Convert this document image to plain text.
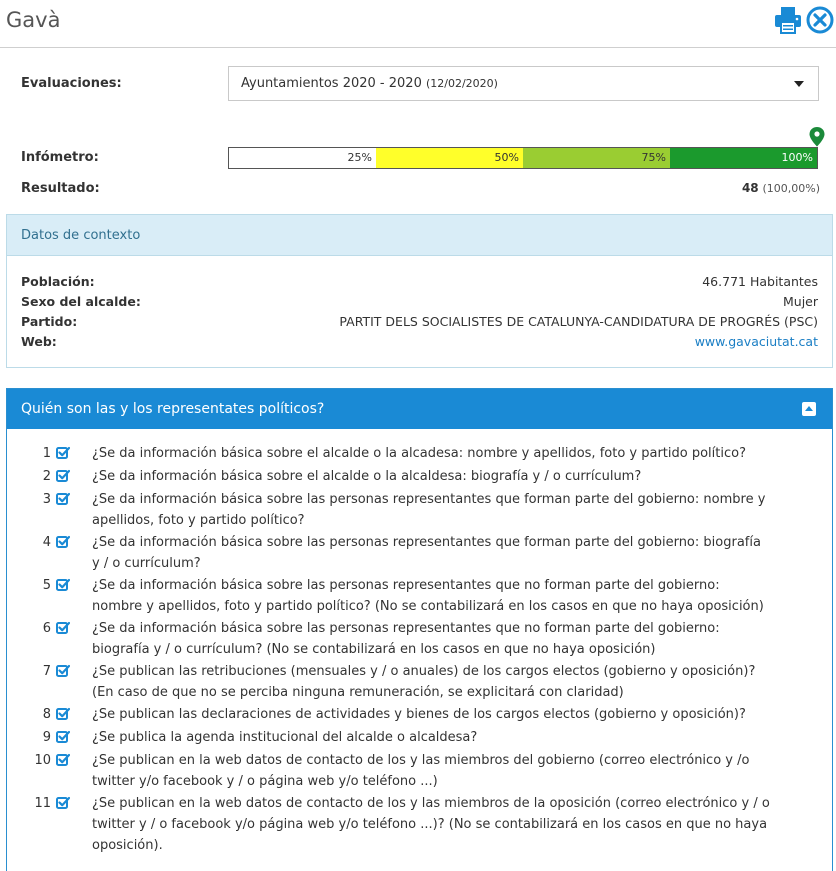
Gavà
Evaluaciones:	Ayuntamientos 2020 - 2020 (12/02/2020)
Infómetro:	25%	50%	75%	100%
Resultado:	48 (100,00%)
Datos de contexto
Población:	46.771 Habitantes
Sexo del alcalde:	Mujer
Partido:	PARTIT DELS SOCIALISTES DE CATALUNYA-CANDIDATURA DE PROGRÉS (PSC)
Web:	www.gavaciutat.cat
Quién son las y los representates políticos?
1	¿Se da información básica sobre el alcalde o la alcadesa: nombre y apellidos, foto y partido político?
2	¿Se da información básica sobre el alcalde o la alcaldesa: biografía y / o currículum?
3	¿Se da información básica sobre las personas representantes que forman parte del gobierno: nombre y apellidos, foto y partido político?
4	¿Se da información básica sobre las personas representantes que forman parte del gobierno: biografía y / o currículum?
5	¿Se da información básica sobre las personas representantes que no forman parte del gobierno: nombre y apellidos, foto y partido político? (No se contabilizará en los casos en que no haya oposición)
6	¿Se da información básica sobre las personas representantes que no forman parte del gobierno: biografía y / o currículum? (No se contabilizará en los casos en que no haya oposición)
7	¿Se publican las retribuciones (mensuales y / o anuales) de los cargos electos (gobierno y oposición)? (En caso de que no se perciba ninguna remuneración, se explicitará con claridad)
8	¿Se publican las declaraciones de actividades y bienes de los cargos electos (gobierno y oposición)?
9	¿Se publica la agenda institucional del alcalde o alcaldesa?
10	¿Se publican en la web datos de contacto de los y las miembros del gobierno (correo electrónico y /o twitter y/o facebook y / o página web y/o teléfono ...)
11	¿Se publican en la web datos de contacto de los y las miembros de la oposición (correo electrónico y / o twitter y / o facebook y/o página web y/o teléfono ...)? (No se contabilizará en los casos en que no haya oposición).
